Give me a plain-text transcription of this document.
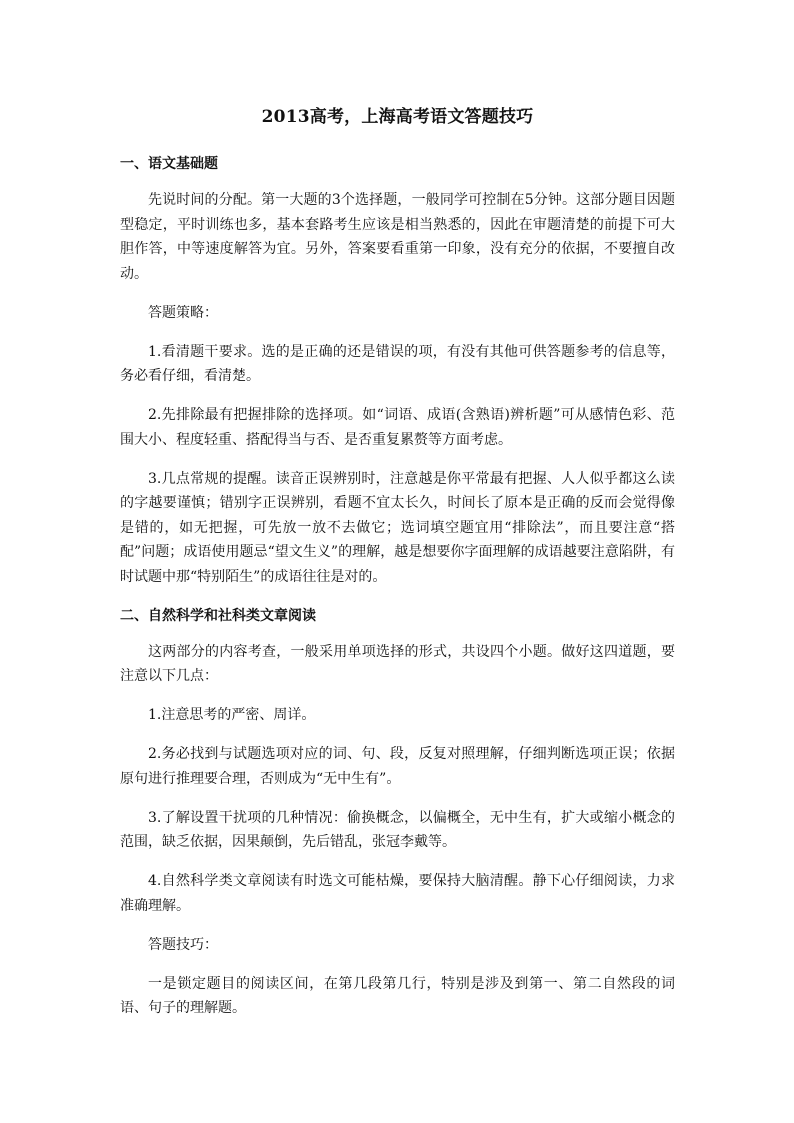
2013高考，上海高考语文答题技巧
一、语文基础题

先说时间的分配。第一大题的3个选择题，一般同学可控制在5分钟。这部分题目因题型稳定，平时训练也多，基本套路考生应该是相当熟悉的，因此在审题清楚的前提下可大胆作答，中等速度解答为宜。另外，答案要看重第一印象，没有充分的依据，不要擅自改动。

答题策略：

1.看清题干要求。选的是正确的还是错误的项，有没有其他可供答题参考的信息等，务必看仔细，看清楚。

2.先排除最有把握排除的选择项。如“词语、成语(含熟语)辨析题”可从感情色彩、范围大小、程度轻重、搭配得当与否、是否重复累赘等方面考虑。

3.几点常规的提醒。读音正误辨别时，注意越是你平常最有把握、人人似乎都这么读的字越要谨慎；错别字正误辨别，看题不宜太长久，时间长了原本是正确的反而会觉得像是错的，如无把握，可先放一放不去做它；选词填空题宜用“排除法”，而且要注意“搭配”问题；成语使用题忌“望文生义”的理解，越是想要你字面理解的成语越要注意陷阱，有时试题中那“特别陌生”的成语往往是对的。

二、自然科学和社科类文章阅读

这两部分的内容考查，一般采用单项选择的形式，共设四个小题。做好这四道题，要注意以下几点：

1.注意思考的严密、周详。

2.务必找到与试题选项对应的词、句、段，反复对照理解，仔细判断选项正误；依据原句进行推理要合理，否则成为“无中生有”。

3.了解设置干扰项的几种情况：偷换概念，以偏概全，无中生有，扩大或缩小概念的范围，缺乏依据，因果颠倒，先后错乱，张冠李戴等。

4.自然科学类文章阅读有时选文可能枯燥，要保持大脑清醒。静下心仔细阅读，力求准确理解。

答题技巧：

一是锁定题目的阅读区间，在第几段第几行，特别是涉及到第一、第二自然段的词语、句子的理解题。
